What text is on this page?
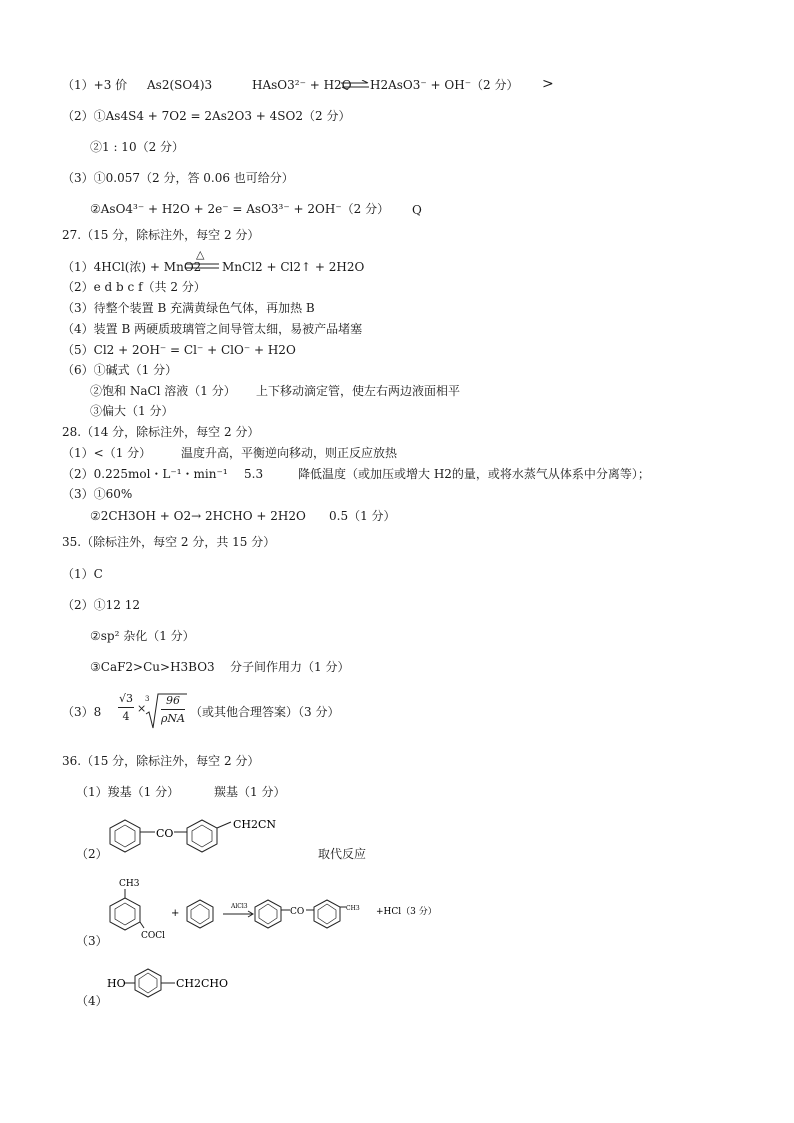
（1）+3 价 As2(SO4)3	HAsO3²⁻ + H2O ⇌ H2AsO3⁻ + OH⁻（2 分） >
（2）①As4S4 + 7O2 = 2As2O3 + 4SO2（2 分）
②1 : 10（2 分）
（3）①0.057（2 分，答 0.06 也可给分）
②AsO4³⁻ + H2O + 2e⁻ = AsO3³⁻ + 2OH⁻（2 分） Q
27.（15 分，除标注外，每空 2 分）
（1）4HCl(浓) + MnO2
△
MnCl2 + Cl2↑ + 2H2O
（2）e d b c f（共 2 分）
（3）待整个装置 B 充满黄绿色气体，再加热 B
（4）装置 B 两硬质玻璃管之间导管太细，易被产品堵塞
（5）Cl2 + 2OH⁻ = Cl⁻ + ClO⁻ + H2O
（6）①碱式（1 分）
②饱和 NaCl 溶液（1 分） 上下移动滴定管，使左右两边液面相平
③偏大（1 分）
28.（14 分，除标注外，每空 2 分）
（1）<（1 分） 温度升高，平衡逆向移动，则正反应放热
（2）0.225mol・L⁻¹・min⁻¹ 5.3	降低温度（或加压或增大 H2的量，或将水蒸气从体系中分离等）；
（3）①60%
②2CH3OH + O2→ 2HCHO + 2H2O 0.5（1 分）
35.（除标注外，每空 2 分，共 15 分）
（1）C
（2）①12 12
②sp² 杂化（1 分）
③CaF2>Cu>H3BO3 分子间作用力（1 分）
（3）8
√3
4
×
3	96
ρNA （或其他合理答案）（3 分）
36.（15 分，除标注外，每空 2 分）
（1）羧基（1 分）	羰基（1 分）
（2）
CO
CH2CN
取代反应
（3）
CH3
COCl
+
AlCl3
CO	CH3 +HCl（3 分）
（4）
HO	CH2CHO
